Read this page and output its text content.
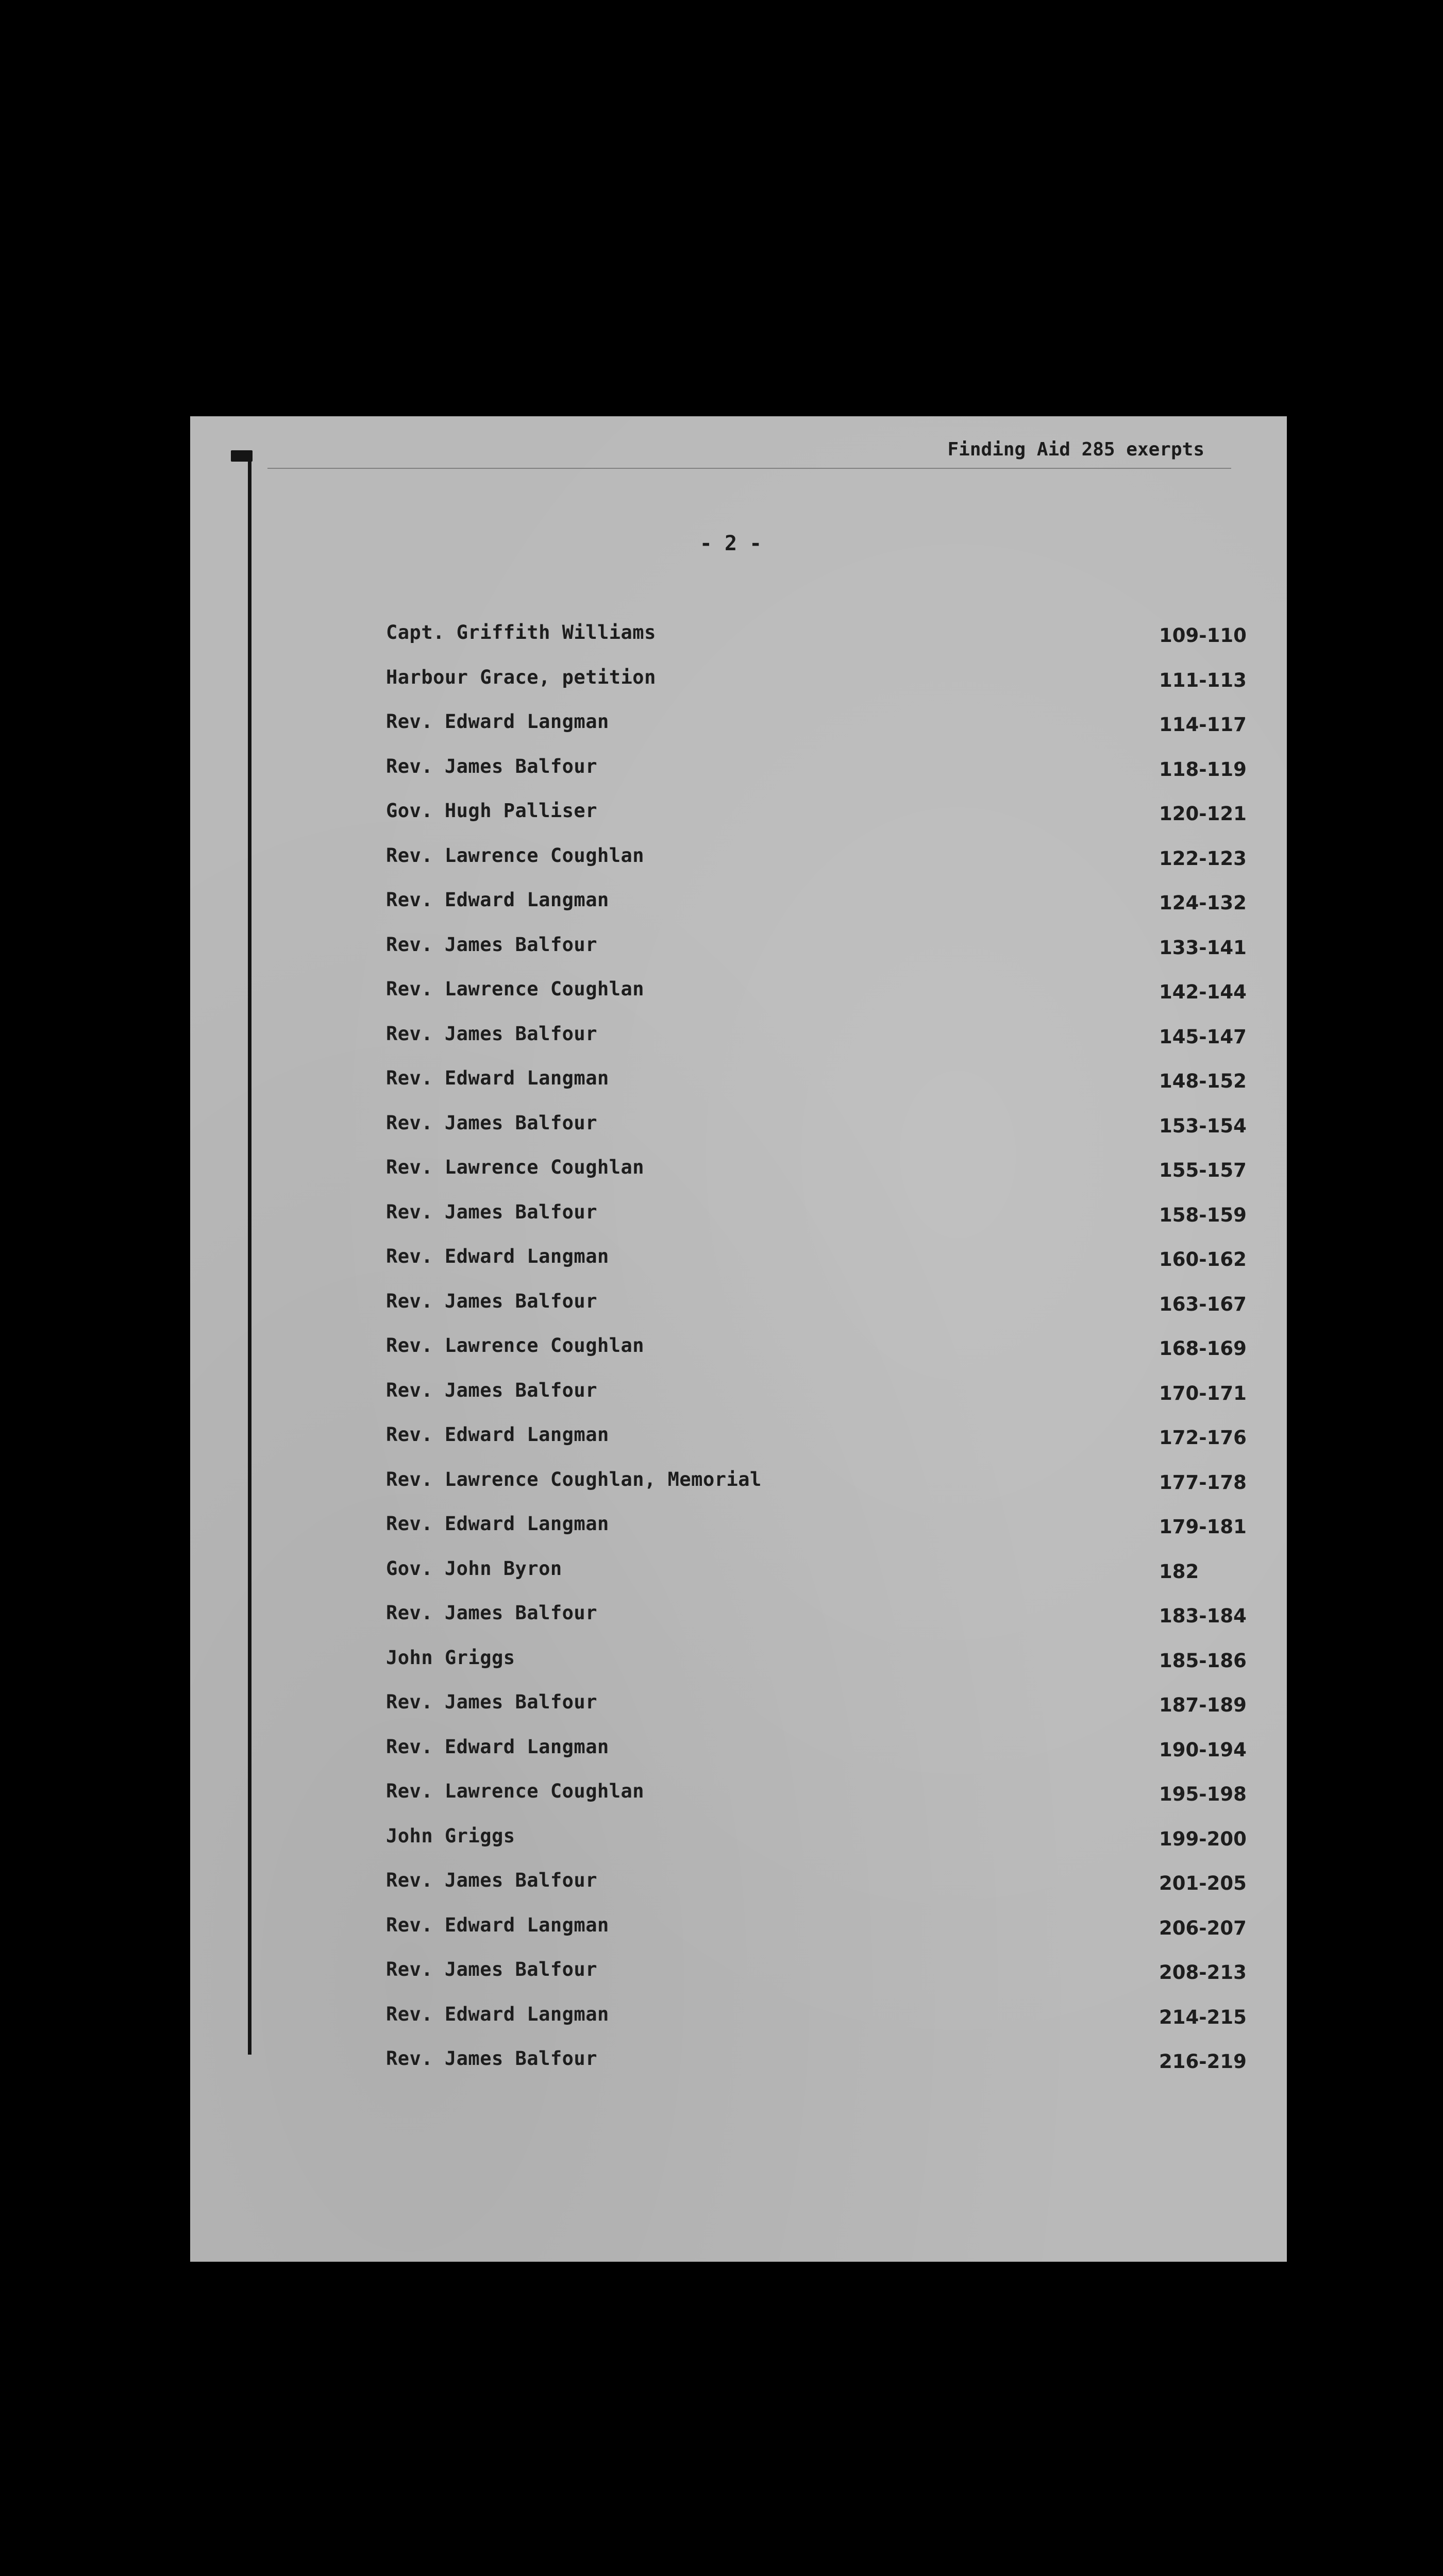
Finding Aid 285 exerpts
- 2 -
Capt. Griffith Williams	109-110
Harbour Grace, petition	111-113
Rev. Edward Langman	114-117
Rev. James Balfour	118-119
Gov. Hugh Palliser	120-121
Rev. Lawrence Coughlan	122-123
Rev. Edward Langman	124-132
Rev. James Balfour	133-141
Rev. Lawrence Coughlan	142-144
Rev. James Balfour	145-147
Rev. Edward Langman	148-152
Rev. James Balfour	153-154
Rev. Lawrence Coughlan	155-157
Rev. James Balfour	158-159
Rev. Edward Langman	160-162
Rev. James Balfour	163-167
Rev. Lawrence Coughlan	168-169
Rev. James Balfour	170-171
Rev. Edward Langman	172-176
Rev. Lawrence Coughlan, Memorial	177-178
Rev. Edward Langman	179-181
Gov. John Byron	182
Rev. James Balfour	183-184
John Griggs	185-186
Rev. James Balfour	187-189
Rev. Edward Langman	190-194
Rev. Lawrence Coughlan	195-198
John Griggs	199-200
Rev. James Balfour	201-205
Rev. Edward Langman	206-207
Rev. James Balfour	208-213
Rev. Edward Langman	214-215
Rev. James Balfour	216-219
